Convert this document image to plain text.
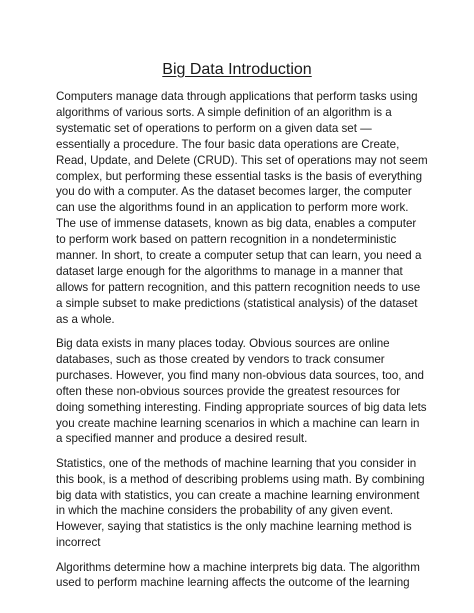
Big Data Introduction

Computers manage data through applications that perform tasks using algorithms of various sorts. A simple definition of an algorithm is a systematic set of operations to perform on a given data set — essentially a procedure. The four basic data operations are Create, Read, Update, and Delete (CRUD). This set of operations may not seem complex, but performing these essential tasks is the basis of everything you do with a computer. As the dataset becomes larger, the computer can use the algorithms found in an application to perform more work. The use of immense datasets, known as big data, enables a computer to perform work based on pattern recognition in a nondeterministic manner. In short, to create a computer setup that can learn, you need a dataset large enough for the algorithms to manage in a manner that allows for pattern recognition, and this pattern recognition needs to use a simple subset to make predictions (statistical analysis) of the dataset as a whole.

Big data exists in many places today. Obvious sources are online databases, such as those created by vendors to track consumer purchases. However, you find many non-obvious data sources, too, and often these non-obvious sources provide the greatest resources for doing something interesting. Finding appropriate sources of big data lets you create machine learning scenarios in which a machine can learn in a specified manner and produce a desired result.

Statistics, one of the methods of machine learning that you consider in this book, is a method of describing problems using math. By combining big data with statistics, you can create a machine learning environment in which the machine considers the probability of any given event. However, saying that statistics is the only machine learning method is incorrect

Algorithms determine how a machine interprets big data. The algorithm used to perform machine learning affects the outcome of the learning
